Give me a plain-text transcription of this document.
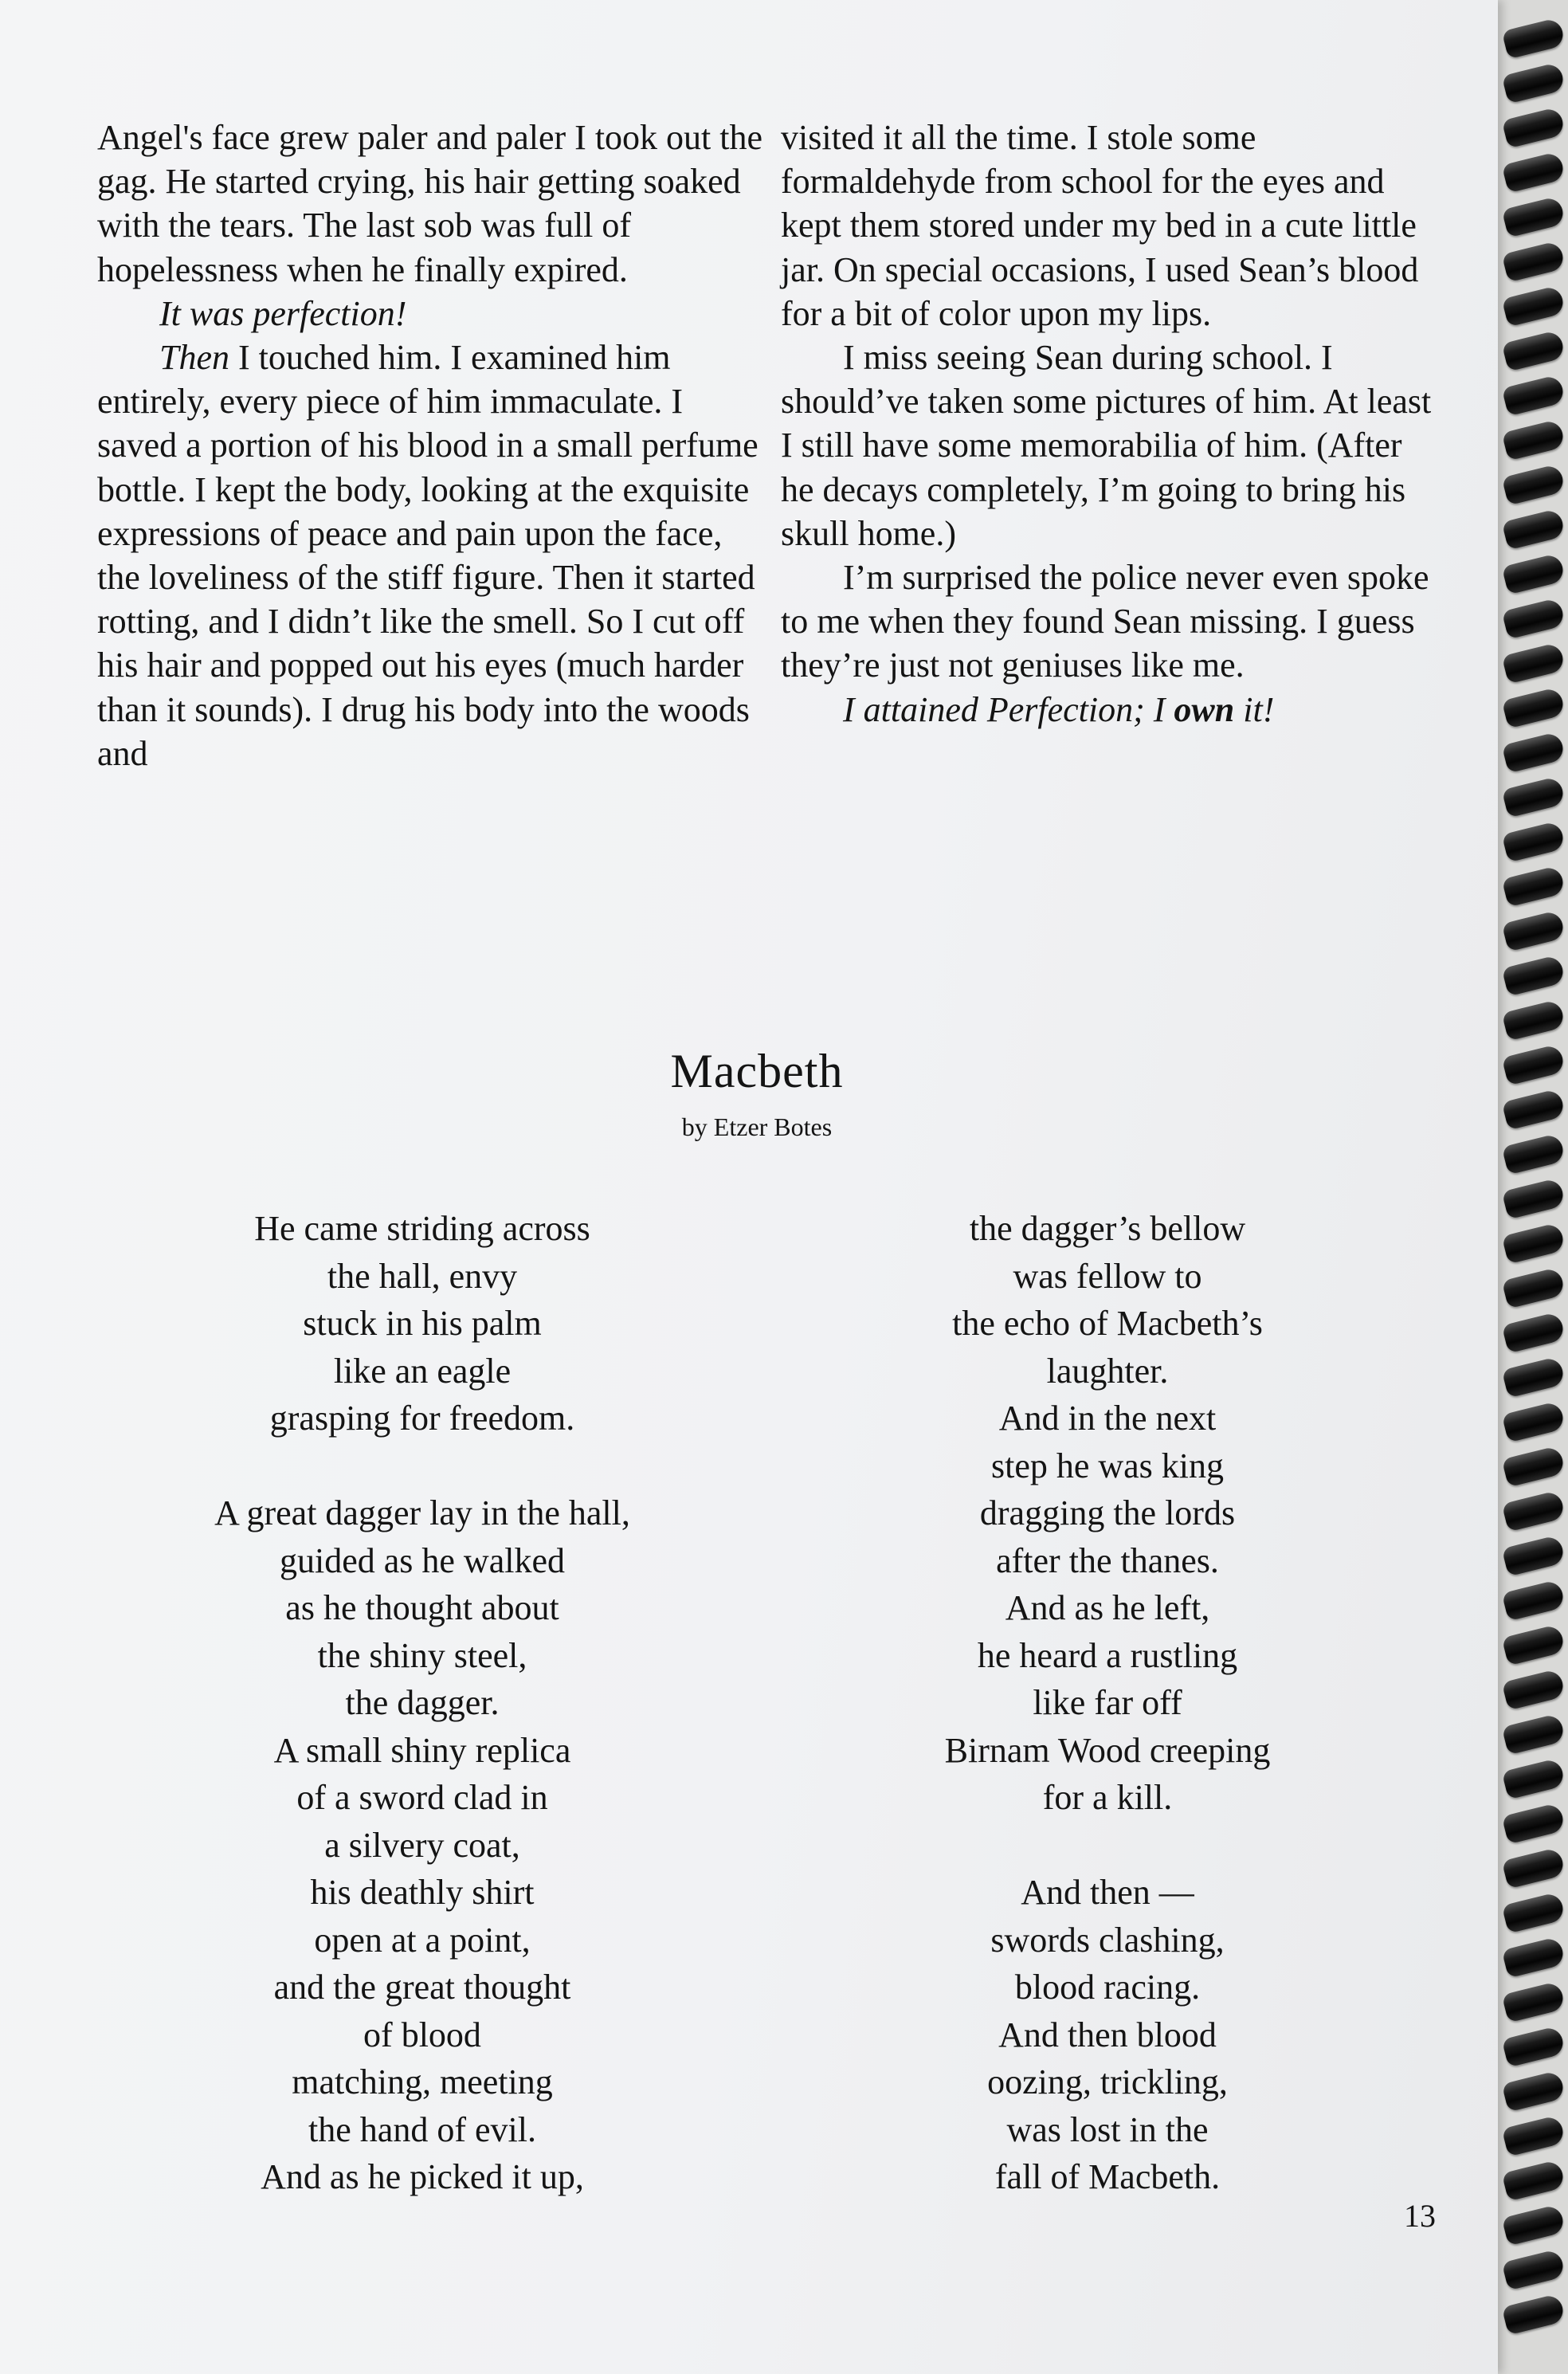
Angel's face grew paler and paler I took out the gag. He started crying, his hair getting soaked with the tears. The last sob was full of hopelessness when he finally expired.

It was perfection!

Then I touched him. I examined him entirely, every piece of him immaculate. I saved a portion of his blood in a small perfume bottle. I kept the body, looking at the exquisite expressions of peace and pain upon the face, the loveliness of the stiff figure. Then it started rotting, and I didn’t like the smell. So I cut off his hair and popped out his eyes (much harder than it sounds). I drug his body into the woods and

visited it all the time. I stole some formaldehyde from school for the eyes and kept them stored under my bed in a cute little jar. On special occasions, I used Sean’s blood for a bit of color upon my lips.

I miss seeing Sean during school. I should’ve taken some pictures of him. At least I still have some memorabilia of him. (After he decays completely, I’m going to bring his skull home.)

I’m surprised the police never even spoke to me when they found Sean missing. I guess they’re just not geniuses like me.

I attained Perfection; I own it!

Macbeth

by Etzer Botes

He came striding across
the hall, envy
stuck in his palm
like an eagle
grasping for freedom.
A great dagger lay in the hall,
guided as he walked
as he thought about
the shiny steel,
the dagger.
A small shiny replica
of a sword clad in
a silvery coat,
his deathly shirt
open at a point,
and the great thought
of blood
matching, meeting
the hand of evil.
And as he picked it up,
the dagger’s bellow
was fellow to
the echo of Macbeth’s
laughter.
And in the next
step he was king
dragging the lords
after the thanes.
And as he left,
he heard a rustling
like far off
Birnam Wood creeping
for a kill.
And then —
swords clashing,
blood racing.
And then blood
oozing, trickling,
was lost in the
fall of Macbeth.

13
